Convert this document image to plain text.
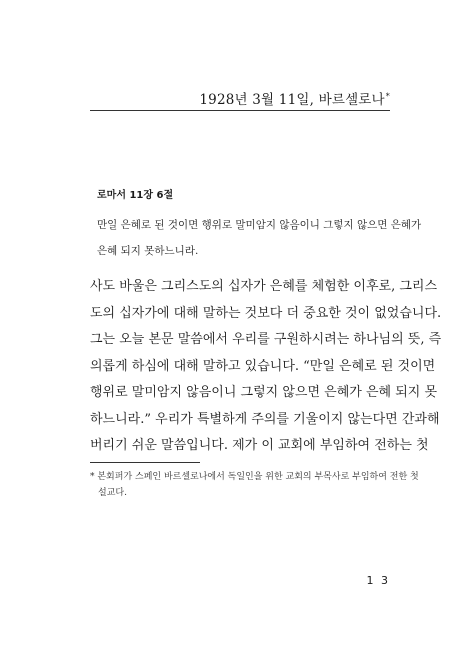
1928년 3월 11일, 바르셀로나*
로마서 11장 6절
만일 은혜로 된 것이면 행위로 말미암지 않음이니 그렇지 않으면 은혜가
은혜 되지 못하느니라.
사도 바울은 그리스도의 십자가 은혜를 체험한 이후로, 그리스
도의 십자가에 대해 말하는 것보다 더 중요한 것이 없었습니다.
그는 오늘 본문 말씀에서 우리를 구원하시려는 하나님의 뜻, 즉
의롭게 하심에 대해 말하고 있습니다. “만일 은혜로 된 것이면
행위로 말미암지 않음이니 그렇지 않으면 은혜가 은혜 되지 못
하느니라.” 우리가 특별하게 주의를 기울이지 않는다면 간과해
버리기 쉬운 말씀입니다. 제가 이 교회에 부임하여 전하는 첫
* 본회퍼가 스페인 바르셀로나에서 독일인을 위한 교회의 부목사로 부임하여 전한 첫
설교다.
1 3
